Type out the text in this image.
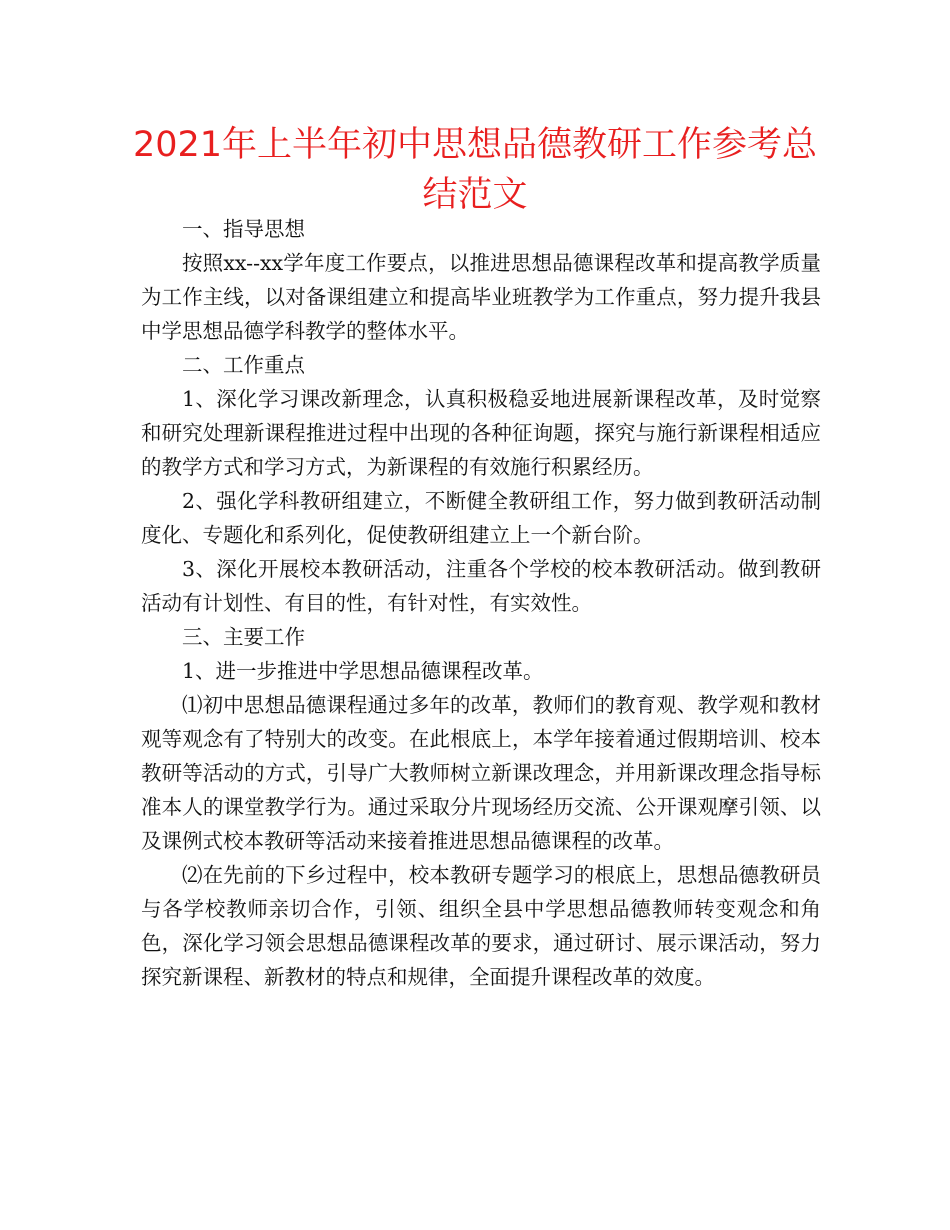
2021年上半年初中思想品德教研工作参考总结范文

一、指导思想

按照xx--xx学年度工作要点，以推进思想品德课程改革和提高教学质量为工作主线，以对备课组建立和提高毕业班教学为工作重点，努力提升我县中学思想品德学科教学的整体水平。

二、工作重点

1、深化学习课改新理念，认真积极稳妥地进展新课程改革，及时觉察和研究处理新课程推进过程中出现的各种征询题，探究与施行新课程相适应的教学方式和学习方式，为新课程的有效施行积累经历。

2、强化学科教研组建立，不断健全教研组工作，努力做到教研活动制度化、专题化和系列化，促使教研组建立上一个新台阶。

3、深化开展校本教研活动，注重各个学校的校本教研活动。做到教研活动有计划性、有目的性，有针对性，有实效性。

三、主要工作

1、进一步推进中学思想品德课程改革。

⑴初中思想品德课程通过多年的改革，教师们的教育观、教学观和教材观等观念有了特别大的改变。在此根底上，本学年接着通过假期培训、校本教研等活动的方式，引导广大教师树立新课改理念，并用新课改理念指导标准本人的课堂教学行为。通过采取分片现场经历交流、公开课观摩引领、以及课例式校本教研等活动来接着推进思想品德课程的改革。

⑵在先前的下乡过程中，校本教研专题学习的根底上，思想品德教研员与各学校教师亲切合作，引领、组织全县中学思想品德教师转变观念和角色，深化学习领会思想品德课程改革的要求，通过研讨、展示课活动，努力探究新课程、新教材的特点和规律，全面提升课程改革的效度。
